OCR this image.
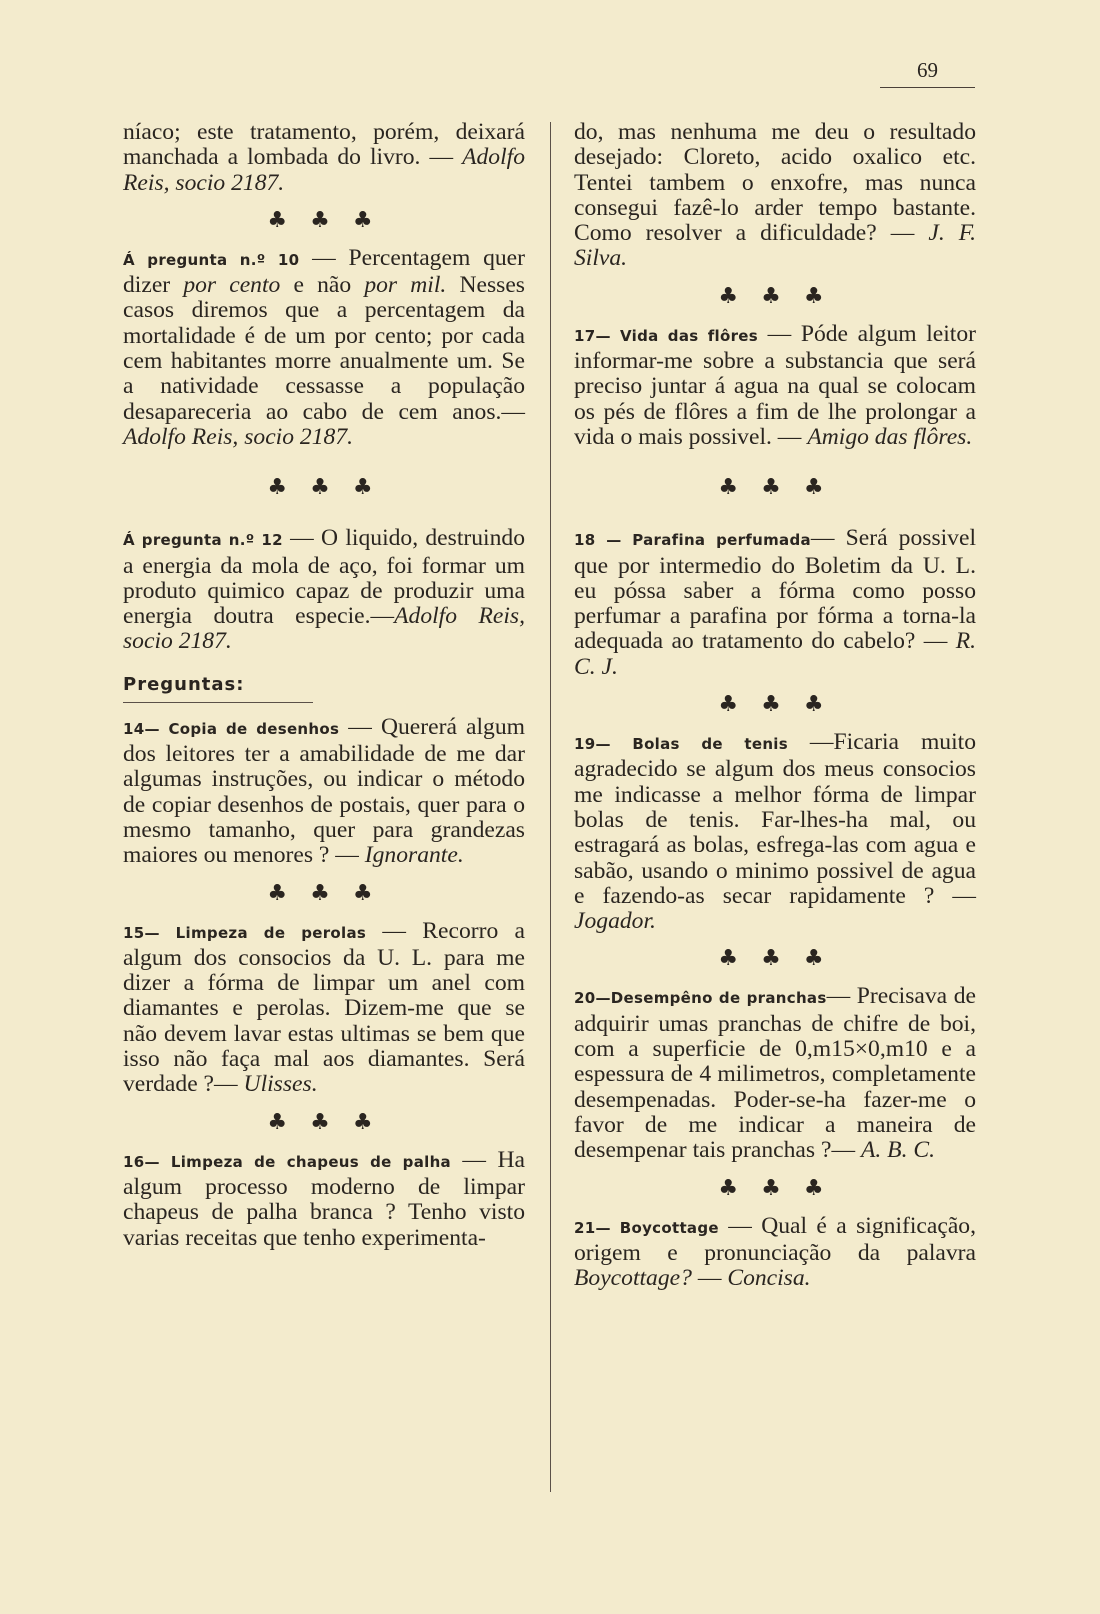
69

níaco; este tratamento, porém, deixará manchada a lombada do livro. — Adolfo Reis, socio 2187.

♣ ♣ ♣

Á pregunta n.º 10 — Percentagem quer dizer por cento e não por mil. Nesses casos diremos que a percentagem da mortalidade é de um por cento; por cada cem habitantes morre anualmente um. Se a natividade cessasse a população desapareceria ao cabo de cem anos.—Adolfo Reis, socio 2187.

♣ ♣ ♣

Á pregunta n.º 12 — O liquido, destruindo a energia da mola de aço, foi formar um produto quimico capaz de produzir uma energia doutra especie.—Adolfo Reis, socio 2187.

Preguntas:

14— Copia de desenhos — Quererá algum dos leitores ter a amabilidade de me dar algumas instruções, ou indicar o método de copiar desenhos de postais, quer para o mesmo tamanho, quer para grandezas maiores ou menores ? — Ignorante.

♣ ♣ ♣

15— Limpeza de perolas — Recorro a algum dos consocios da U. L. para me dizer a fórma de limpar um anel com diamantes e perolas. Dizem-me que se não devem lavar estas ultimas se bem que isso não faça mal aos diamantes. Será verdade ?— Ulisses.

♣ ♣ ♣

16— Limpeza de chapeus de palha — Ha algum processo moderno de limpar chapeus de palha branca ? Tenho visto varias receitas que tenho experimenta-

do, mas nenhuma me deu o resultado desejado: Cloreto, acido oxalico etc. Tentei tambem o enxofre, mas nunca consegui fazê-lo arder tempo bastante. Como resolver a dificuldade? — J. F. Silva.

♣ ♣ ♣

17— Vida das flôres — Póde algum leitor informar-me sobre a substancia que será preciso juntar á agua na qual se colocam os pés de flôres a fim de lhe prolongar a vida o mais possivel. — Amigo das flôres.

♣ ♣ ♣

18 — Parafina perfumada— Será possivel que por intermedio do Boletim da U. L. eu póssa saber a fórma como posso perfumar a parafina por fórma a torna-la adequada ao tratamento do cabelo? — R. C. J.

♣ ♣ ♣

19— Bolas de tenis —Ficaria muito agradecido se algum dos meus consocios me indicasse a melhor fórma de limpar bolas de tenis. Far-lhes-ha mal, ou estragará as bolas, esfrega-las com agua e sabão, usando o minimo possivel de agua e fazendo-as secar rapidamente ? — Jogador.

♣ ♣ ♣

20—Desempêno de pranchas— Precisava de adquirir umas pranchas de chifre de boi, com a superficie de 0,m15×0,m10 e a espessura de 4 milimetros, completamente desempenadas. Poder-se-ha fazer-me o favor de me indicar a maneira de desempenar tais pranchas ?— A. B. C.

♣ ♣ ♣

21— Boycottage — Qual é a significação, origem e pronunciação da palavra Boycottage? — Concisa.
